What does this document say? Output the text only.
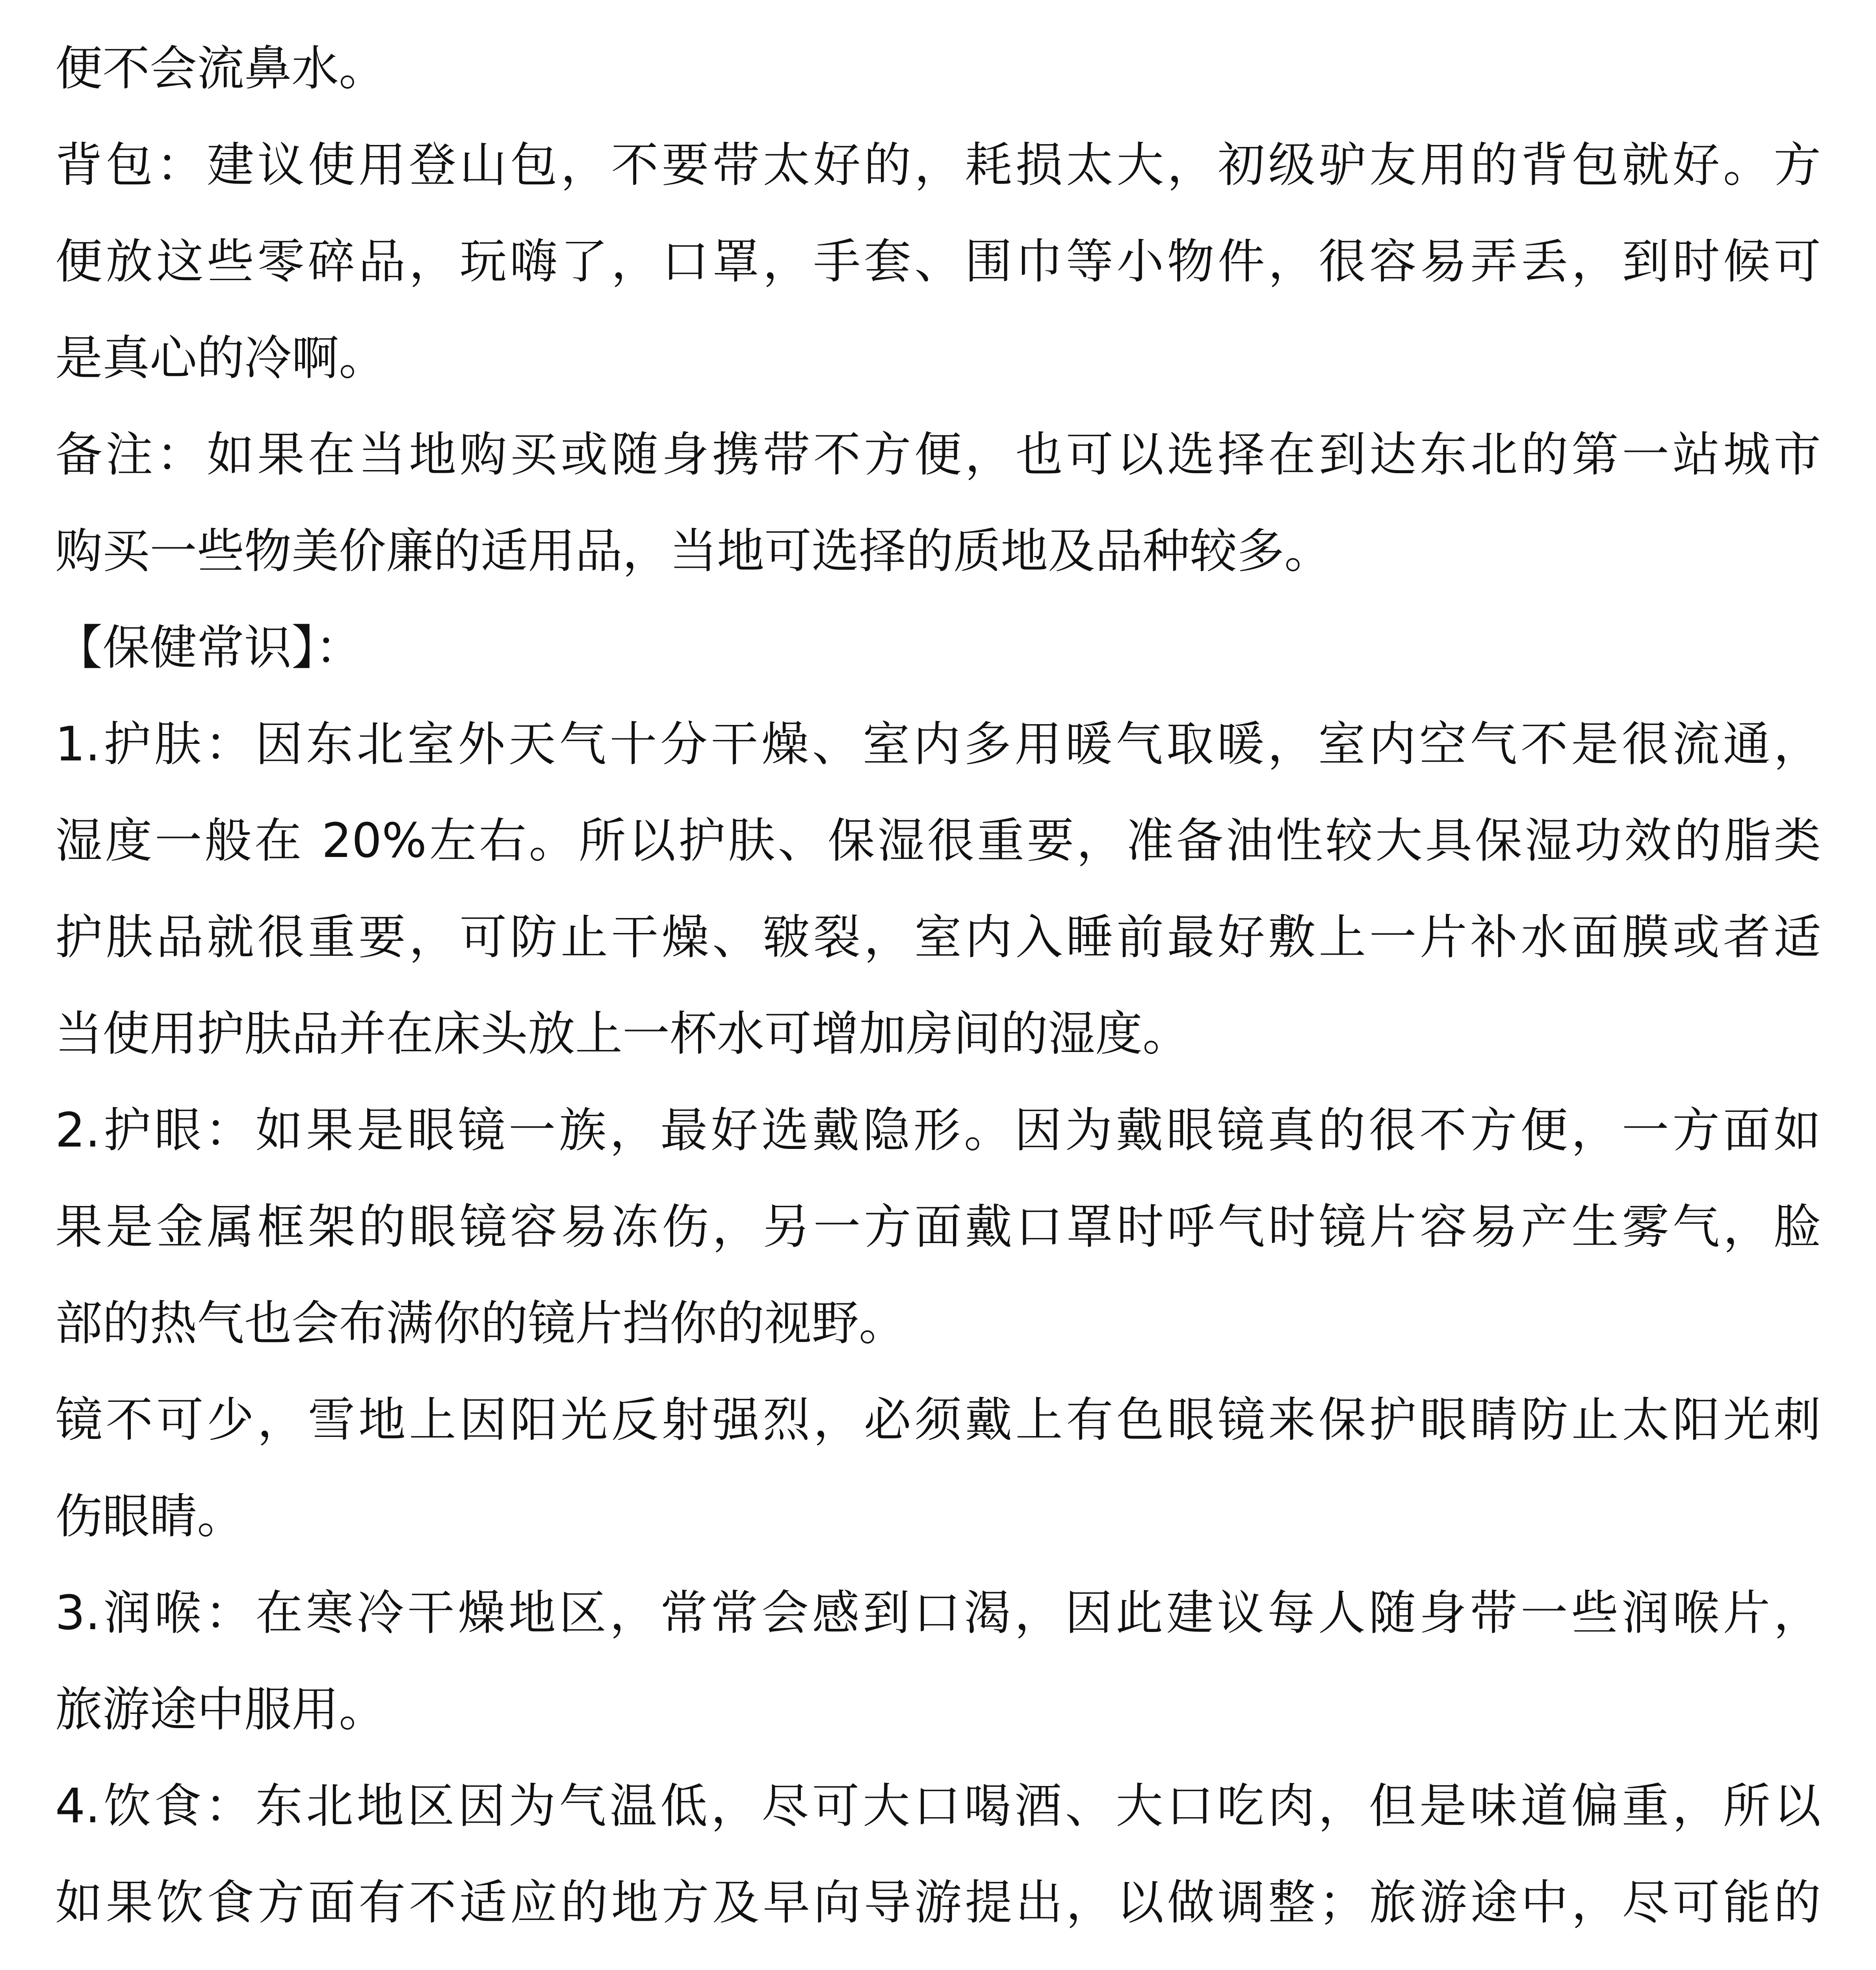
便不会流鼻水。
背包：建议使用登山包，不要带太好的，耗损太大，初级驴友用的背包就好。方
便放这些零碎品，玩嗨了，口罩，手套、围巾等小物件，很容易弄丢，到时候可
是真心的冷啊。
备注：如果在当地购买或随身携带不方便，也可以选择在到达东北的第一站城市
购买一些物美价廉的适用品，当地可选择的质地及品种较多。
【保健常识】：
1.护肤：因东北室外天气十分干燥、室内多用暖气取暖，室内空气不是很流通，
湿度一般在 20%左右。所以护肤、保湿很重要，准备油性较大具保湿功效的脂类
护肤品就很重要，可防止干燥、皲裂，室内入睡前最好敷上一片补水面膜或者适
当使用护肤品并在床头放上一杯水可增加房间的湿度。
2.护眼：如果是眼镜一族，最好选戴隐形。因为戴眼镜真的很不方便，一方面如
果是金属框架的眼镜容易冻伤，另一方面戴口罩时呼气时镜片容易产生雾气，脸
部的热气也会布满你的镜片挡你的视野。
镜不可少，雪地上因阳光反射强烈，必须戴上有色眼镜来保护眼睛防止太阳光刺
伤眼睛。
3.润喉：在寒冷干燥地区，常常会感到口渴，因此建议每人随身带一些润喉片，
旅游途中服用。
4.饮食：东北地区因为气温低，尽可大口喝酒、大口吃肉，但是味道偏重，所以
如果饮食方面有不适应的地方及早向导游提出，以做调整；旅游途中，尽可能的
